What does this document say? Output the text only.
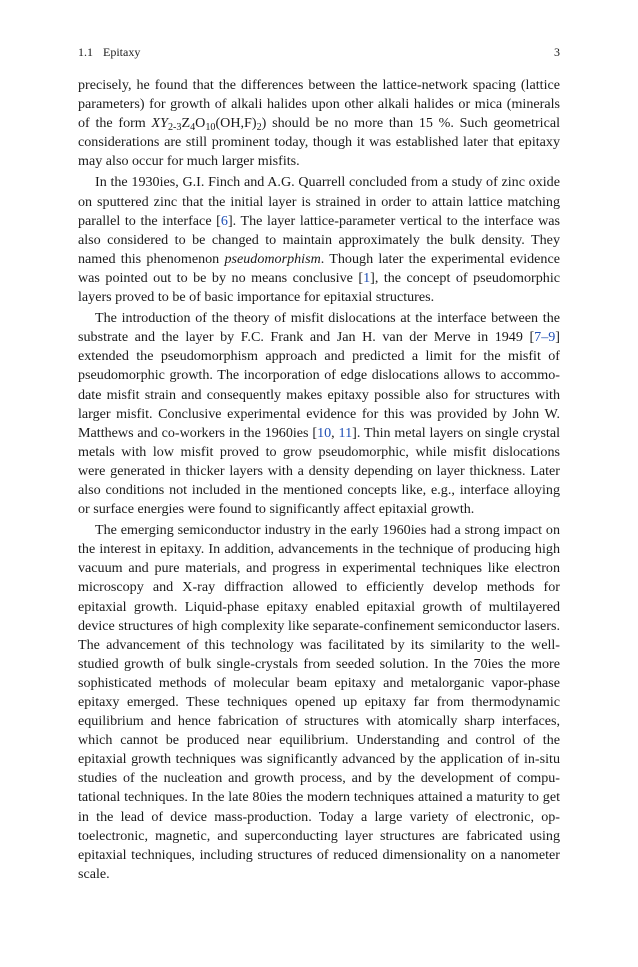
1.1 Epitaxy	3

precisely, he found that the differences between the lattice-network spacing (lattice parameters) for growth of alkali halides upon other alkali halides or mica (minerals of the form $XY_{2-3}Z_4O_{10}(OH,F)_2$) should be no more than 15 %. Such geometrical considerations are still prominent today, though it was established later that epitaxy may also occur for much larger misfits.

In the 1930ies, G.I. Finch and A.G. Quarrell concluded from a study of zinc oxide on sputtered zinc that the initial layer is strained in order to attain lattice matching parallel to the interface [6]. The layer lattice-parameter vertical to the interface was also considered to be changed to maintain approximately the bulk density. They named this phenomenon pseudomorphism. Though later the experimental evidence was pointed out to be by no means conclusive [1], the concept of pseudomorphic layers proved to be of basic importance for epitaxial structures.

The introduction of the theory of misfit dislocations at the interface between the substrate and the layer by F.C. Frank and Jan H. van der Merve in 1949 [7–9] extended the pseudomorphism approach and predicted a limit for the misfit of pseudomorphic growth. The incorporation of edge dislocations allows to accommodate misfit strain and consequently makes epitaxy possible also for structures with larger misfit. Conclusive experimental evidence for this was provided by John W. Matthews and co-workers in the 1960ies [10, 11]. Thin metal layers on single crystal metals with low misfit proved to grow pseudomorphic, while misfit dislocations were generated in thicker layers with a density depending on layer thickness. Later also conditions not included in the mentioned concepts like, e.g., interface alloying or surface energies were found to significantly affect epitaxial growth.

The emerging semiconductor industry in the early 1960ies had a strong impact on the interest in epitaxy. In addition, advancements in the technique of producing high vacuum and pure materials, and progress in experimental techniques like electron microscopy and X-ray diffraction allowed to efficiently develop methods for epitaxial growth. Liquid-phase epitaxy enabled epitaxial growth of multilayered device structures of high complexity like separate-confinement semiconductor lasers. The advancement of this technology was facilitated by its similarity to the well-studied growth of bulk single-crystals from seeded solution. In the 70ies the more sophisticated methods of molecular beam epitaxy and metalorganic vapor-phase epitaxy emerged. These techniques opened up epitaxy far from thermodynamic equilibrium and hence fabrication of structures with atomically sharp interfaces, which cannot be produced near equilibrium. Understanding and control of the epitaxial growth techniques was significantly advanced by the application of in-situ studies of the nucleation and growth process, and by the development of computational techniques. In the late 80ies the modern techniques attained a maturity to get in the lead of device mass-production. Today a large variety of electronic, optoelectronic, magnetic, and superconducting layer structures are fabricated using epitaxial techniques, including structures of reduced dimensionality on a nanometer scale.
